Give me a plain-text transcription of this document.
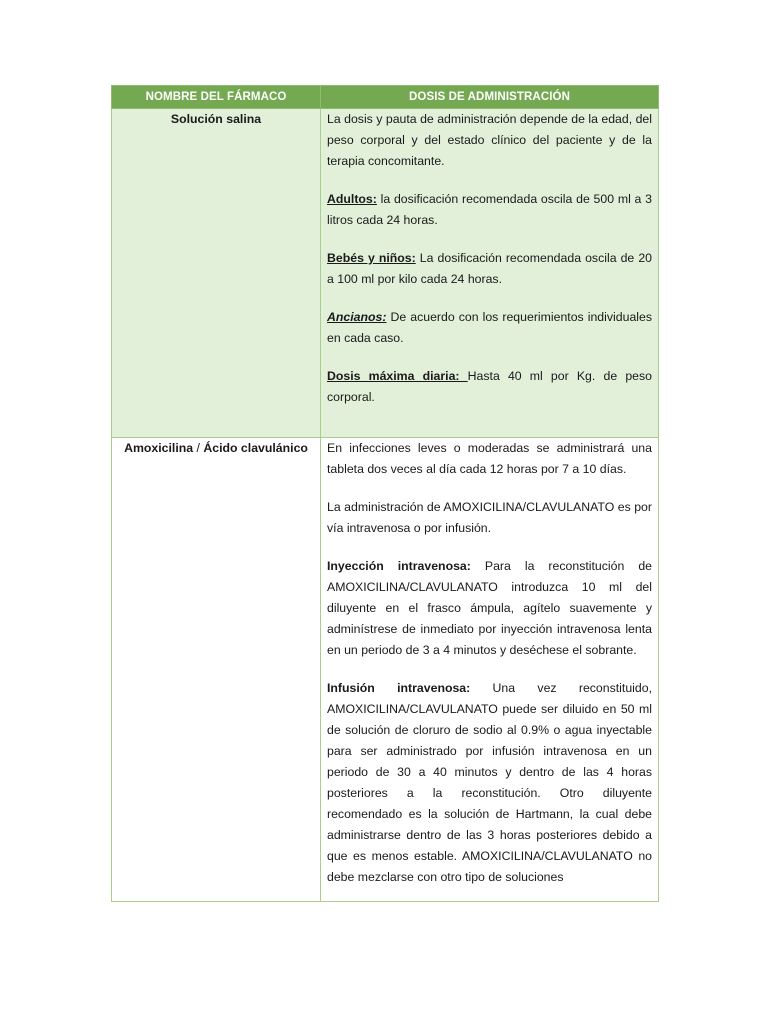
NOMBRE DEL FÁRMACO	DOSIS DE ADMINISTRACIÓN
Solución salina	La dosis y pauta de administración depende de la edad, del peso corporal y del estado clínico del paciente y de la terapia concomitante.

Adultos: la dosificación recomendada oscila de 500 ml a 3 litros cada 24 horas.

Bebés y niños: La dosificación recomendada oscila de 20 a 100 ml por kilo cada 24 horas.

Ancianos: De acuerdo con los requerimientos individuales en cada caso.

Dosis máxima diaria: Hasta 40 ml por Kg. de peso corporal.

Amoxicilina / Ácido clavulánico	En infecciones leves o moderadas se administrará una tableta dos veces al día cada 12 horas por 7 a 10 días.

La administración de AMOXICILINA/CLAVULANATO es por vía intravenosa o por infusión.

Inyección intravenosa: Para la reconstitución de AMOXICILINA/CLAVULANATO introduzca 10 ml del diluyente en el frasco ámpula, agítelo suavemente y adminístrese de inmediato por inyección intravenosa lenta en un periodo de 3 a 4 minutos y deséchese el sobrante.

Infusión intravenosa: Una vez reconstituido, AMOXICILINA/CLAVULANATO puede ser diluido en 50 ml de solución de cloruro de sodio al 0.9% o agua inyectable para ser administrado por infusión intravenosa en un periodo de 30 a 40 minutos y dentro de las 4 horas posteriores a la reconstitución. Otro diluyente recomendado es la solución de Hartmann, la cual debe administrarse dentro de las 3 horas posteriores debido a que es menos estable. AMOXICILINA/CLAVULANATO no debe mezclarse con otro tipo de soluciones
